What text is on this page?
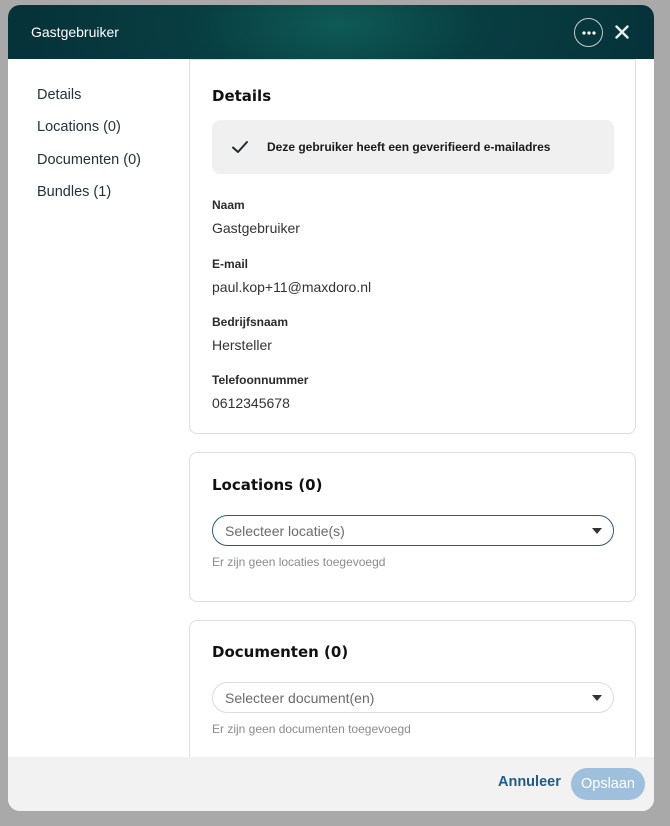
Gastgebruiker
Details
Locations (0)
Documenten (0)
Bundles (1)
Details
Deze gebruiker heeft een geverifieerd e-mailadres
Naam
Gastgebruiker
E-mail
paul.kop+11@maxdoro.nl
Bedrijfsnaam
Hersteller
Telefoonnummer
0612345678
Locations (0)
Selecteer locatie(s)
Er zijn geen locaties toegevoegd
Documenten (0)
Selecteer document(en)
Er zijn geen documenten toegevoegd
Annuleer	Opslaan
